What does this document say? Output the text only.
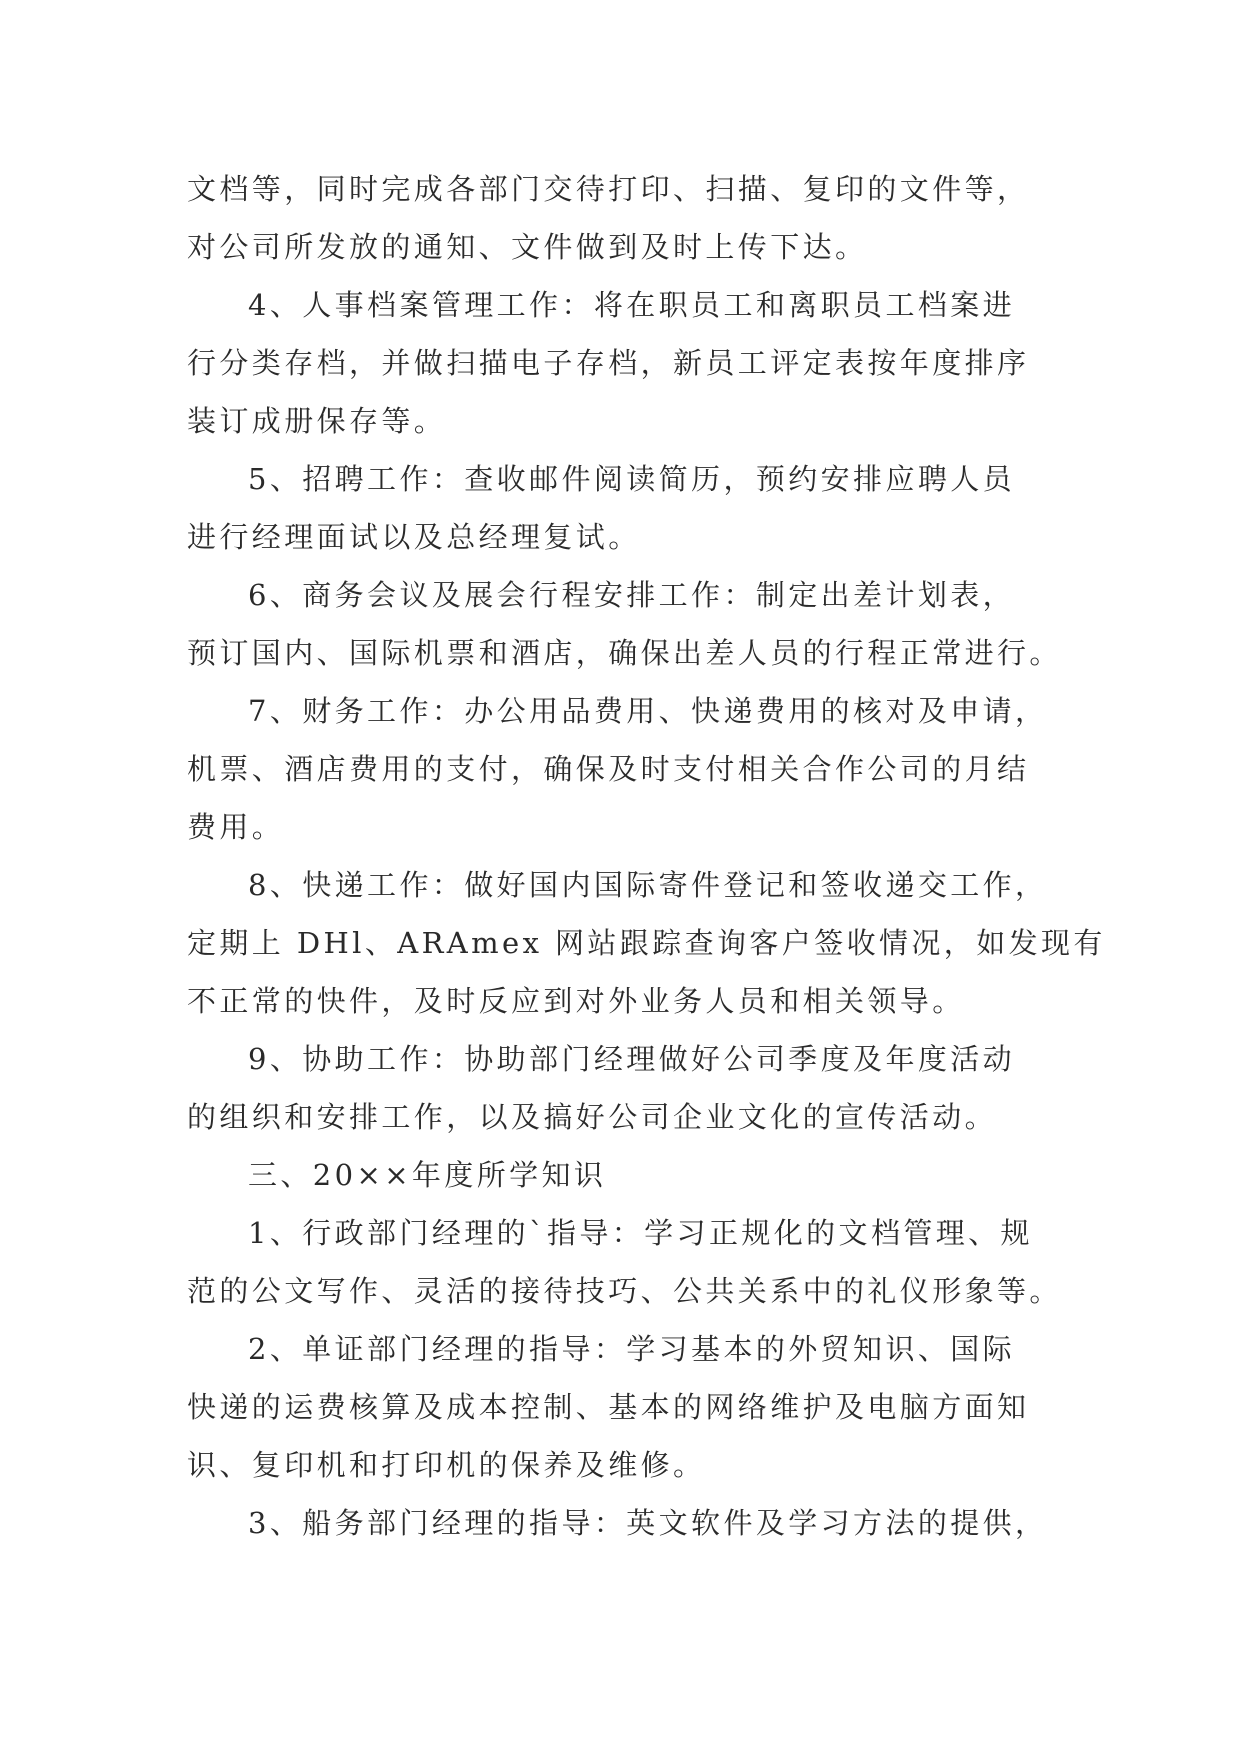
文档等，同时完成各部门交待打印、扫描、复印的文件等，
对公司所发放的通知、文件做到及时上传下达。
4、人事档案管理工作：将在职员工和离职员工档案进
行分类存档，并做扫描电子存档，新员工评定表按年度排序
装订成册保存等。
5、招聘工作：查收邮件阅读简历，预约安排应聘人员
进行经理面试以及总经理复试。
6、商务会议及展会行程安排工作：制定出差计划表，
预订国内、国际机票和酒店，确保出差人员的行程正常进行。
7、财务工作：办公用品费用、快递费用的核对及申请，
机票、酒店费用的支付，确保及时支付相关合作公司的月结
费用。
8、快递工作：做好国内国际寄件登记和签收递交工作，
定期上 DHl、ARAmex 网站跟踪查询客户签收情况，如发现有
不正常的快件，及时反应到对外业务人员和相关领导。
9、协助工作：协助部门经理做好公司季度及年度活动
的组织和安排工作，以及搞好公司企业文化的宣传活动。
三、20××年度所学知识
1、行政部门经理的`指导：学习正规化的文档管理、规
范的公文写作、灵活的接待技巧、公共关系中的礼仪形象等。
2、单证部门经理的指导：学习基本的外贸知识、国际
快递的运费核算及成本控制、基本的网络维护及电脑方面知
识、复印机和打印机的保养及维修。
3、船务部门经理的指导：英文软件及学习方法的提供，
